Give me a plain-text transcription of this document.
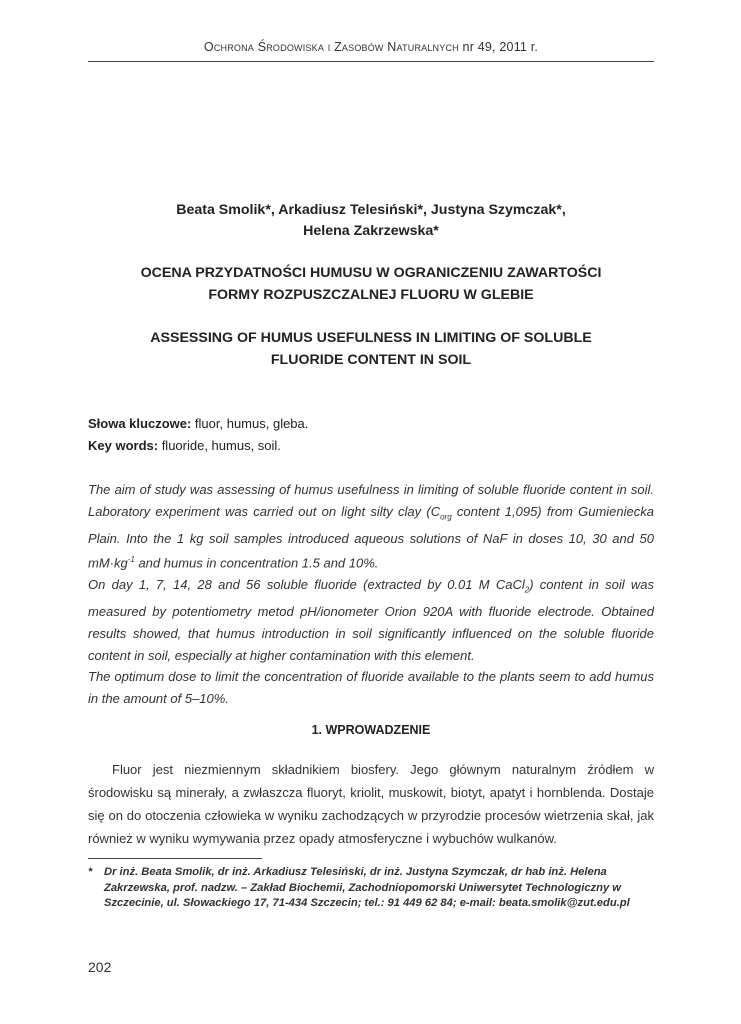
Ochrona Środowiska i Zasobów Naturalnych nr 49, 2011 r.
Beata Smolik*, Arkadiusz Telesiński*, Justyna Szymczak*,
Helena Zakrzewska*
OCENA PRZYDATNOŚCI HUMUSU W OGRANICZENIU ZAWARTOŚCI
FORMY ROZPUSZCZALNEJ FLUORU W GLEBIE
ASSESSING OF HUMUS USEFULNESS IN LIMITING OF SOLUBLE
FLUORIDE CONTENT IN SOIL
Słowa kluczowe: fluor, humus, gleba.
Key words: fluoride, humus, soil.

The aim of study was assessing of humus usefulness in limiting of soluble fluoride content in soil. Laboratory experiment was carried out on light silty clay ($C_{org}$ content 1,095) from Gumieniecka Plain. Into the 1 kg soil samples introduced aqueous solutions of NaF in doses 10, 30 and 50 $mM\cdot kg^{-1}$ and humus in concentration 1.5 and 10%.

On day 1, 7, 14, 28 and 56 soluble fluoride (extracted by 0.01 M CaCl$_2$) content in soil was measured by potentiometry metod pH/ionometer Orion 920A with fluoride electrode. Obtained results showed, that humus introduction in soil significantly influenced on the soluble fluoride content in soil, especially at higher contamination with this element.

The optimum dose to limit the concentration of fluoride available to the plants seem to add humus in the amount of 5–10%.

1. WPROWADZENIE

Fluor jest niezmiennym składnikiem biosfery. Jego głównym naturalnym źródłem w środowisku są minerały, a zwłaszcza fluoryt, kriolit, muskowit, biotyt, apatyt i hornblenda. Dostaje się on do otoczenia człowieka w wyniku zachodzących w przyrodzie procesów wietrzenia skał, jak również w wyniku wymywania przez opady atmosferyczne i wybuchów wulkanów.

* Dr inż. Beata Smolik, dr inż. Arkadiusz Telesiński, dr inż. Justyna Szymczak, dr hab inż. Helena Zakrzewska, prof. nadzw. – Zakład Biochemii, Zachodniopomorski Uniwersytet Technologiczny w Szczecinie, ul. Słowackiego 17, 71-434 Szczecin; tel.: 91 449 62 84; e-mail: beata.smolik@zut.edu.pl
202
